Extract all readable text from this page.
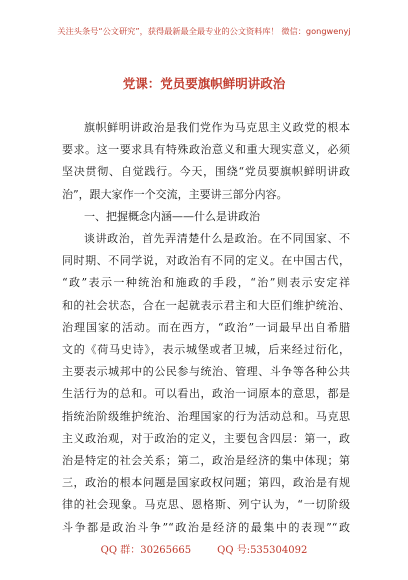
关注头条号“公文研究”，获得最新最全最专业的公文资料库！ 微信：gongwenyj
党课：党员要旗帜鲜明讲政治

旗帜鲜明讲政治是我们党作为马克思主义政党的根本

要求。这一要求具有特殊政治意义和重大现实意义，必须

坚决贯彻、自觉践行。今天，围绕“党员要旗帜鲜明讲政

治”，跟大家作一个交流，主要讲三部分内容。

一、把握概念内涵——什么是讲政治

谈讲政治，首先弄清楚什么是政治。在不同国家、不

同时期、不同学说，对政治有不同的定义。在中国古代，

“政”表示一种统治和施政的手段，“治”则表示安定祥

和的社会状态，合在一起就表示君主和大臣们维护统治、

治理国家的活动。而在西方，“政治”一词最早出自希腊

文的《荷马史诗》，表示城堡或者卫城，后来经过衍化，

主要表示城邦中的公民参与统治、管理、斗争等各种公共

生活行为的总和。可以看出，政治一词原本的意思，都是

指统治阶级维护统治、治理国家的行为活动总和。马克思

主义政治观，对于政治的定义，主要包含四层：第一，政

治是特定的社会关系；第二，政治是经济的集中体现；第

三，政治的根本问题是国家政权问题；第四，政治是有规

律的社会现象。马克思、恩格斯、列宁认为，“一切阶级

斗争都是政治斗争”“政治是经济的最集中的表现”“政

QQ 群：30265665	QQ 号:535304092
